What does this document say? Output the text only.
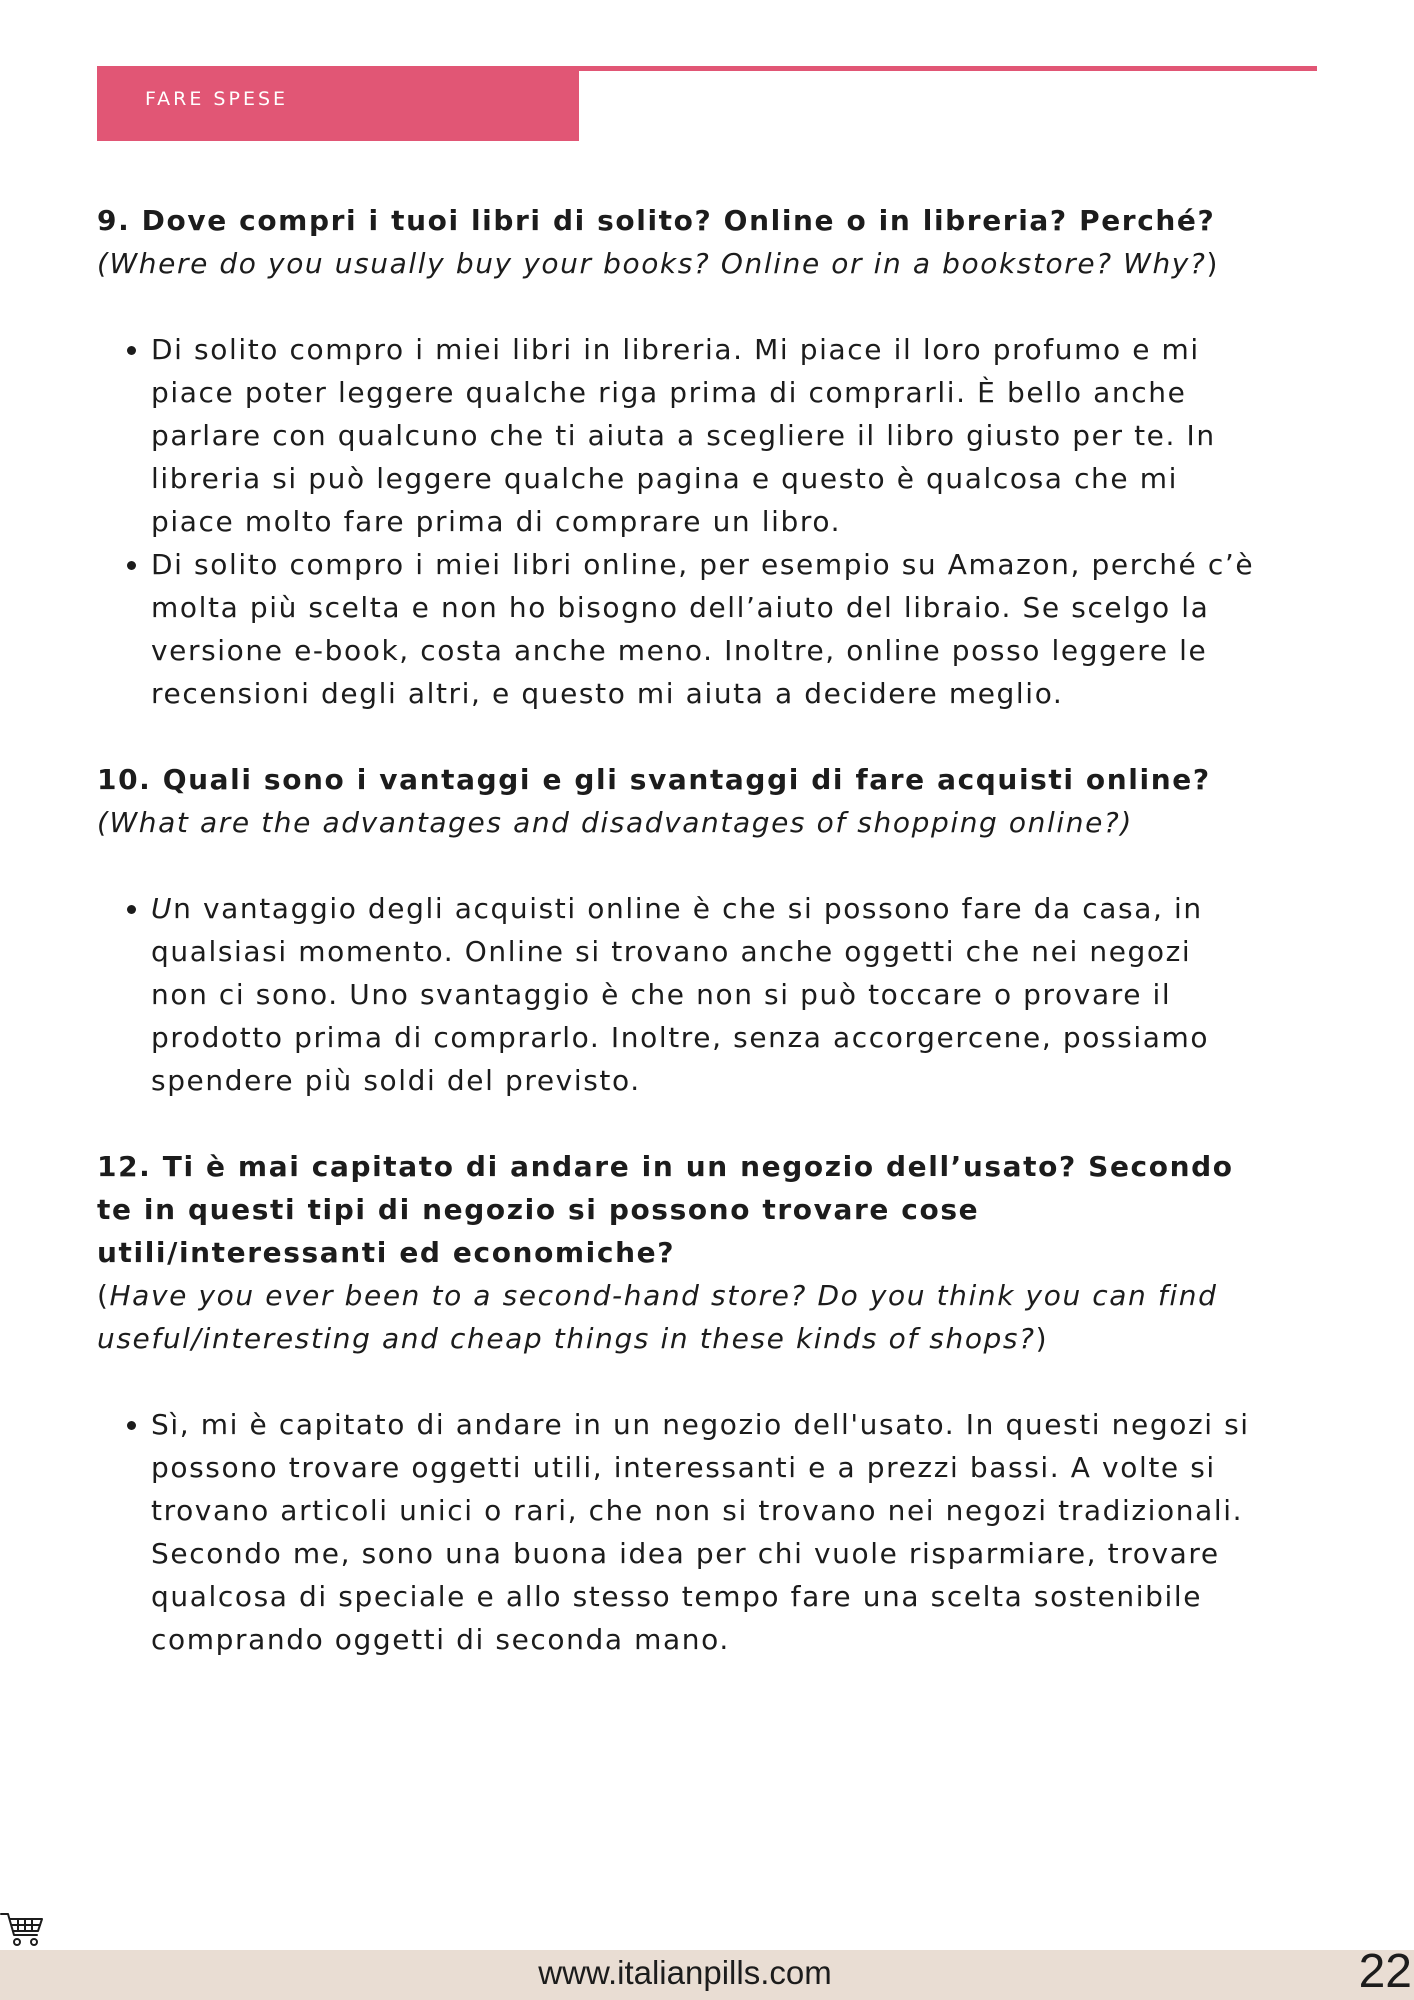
FARE SPESE

9. Dove compri i tuoi libri di solito? Online o in libreria? Perché?

(Where do you usually buy your books? Online or in a bookstore? Why?)

• Di solito compro i miei libri in libreria. Mi piace il loro profumo e mi piace poter leggere qualche riga prima di comprarli. È bello anche parlare con qualcuno che ti aiuta a scegliere il libro giusto per te. In libreria si può leggere qualche pagina e questo è qualcosa che mi piace molto fare prima di comprare un libro.
• Di solito compro i miei libri online, per esempio su Amazon, perché c’è molta più scelta e non ho bisogno dell’aiuto del libraio. Se scelgo la versione e-book, costa anche meno. Inoltre, online posso leggere le recensioni degli altri, e questo mi aiuta a decidere meglio.

10. Quali sono i vantaggi e gli svantaggi di fare acquisti online?

(What are the advantages and disadvantages of shopping online?)

• Un vantaggio degli acquisti online è che si possono fare da casa, in qualsiasi momento. Online si trovano anche oggetti che nei negozi non ci sono. Uno svantaggio è che non si può toccare o provare il prodotto prima di comprarlo. Inoltre, senza accorgercene, possiamo spendere più soldi del previsto.

12. Ti è mai capitato di andare in un negozio dell’usato? Secondo te in questi tipi di negozio si possono trovare cose utili/interessanti ed economiche?

(Have you ever been to a second-hand store? Do you think you can find useful/interesting and cheap things in these kinds of shops?)

• Sì, mi è capitato di andare in un negozio dell'usato. In questi negozi si possono trovare oggetti utili, interessanti e a prezzi bassi. A volte si trovano articoli unici o rari, che non si trovano nei negozi tradizionali. Secondo me, sono una buona idea per chi vuole risparmiare, trovare qualcosa di speciale e allo stesso tempo fare una scelta sostenibile comprando oggetti di seconda mano.
www.italianpills.com	22
